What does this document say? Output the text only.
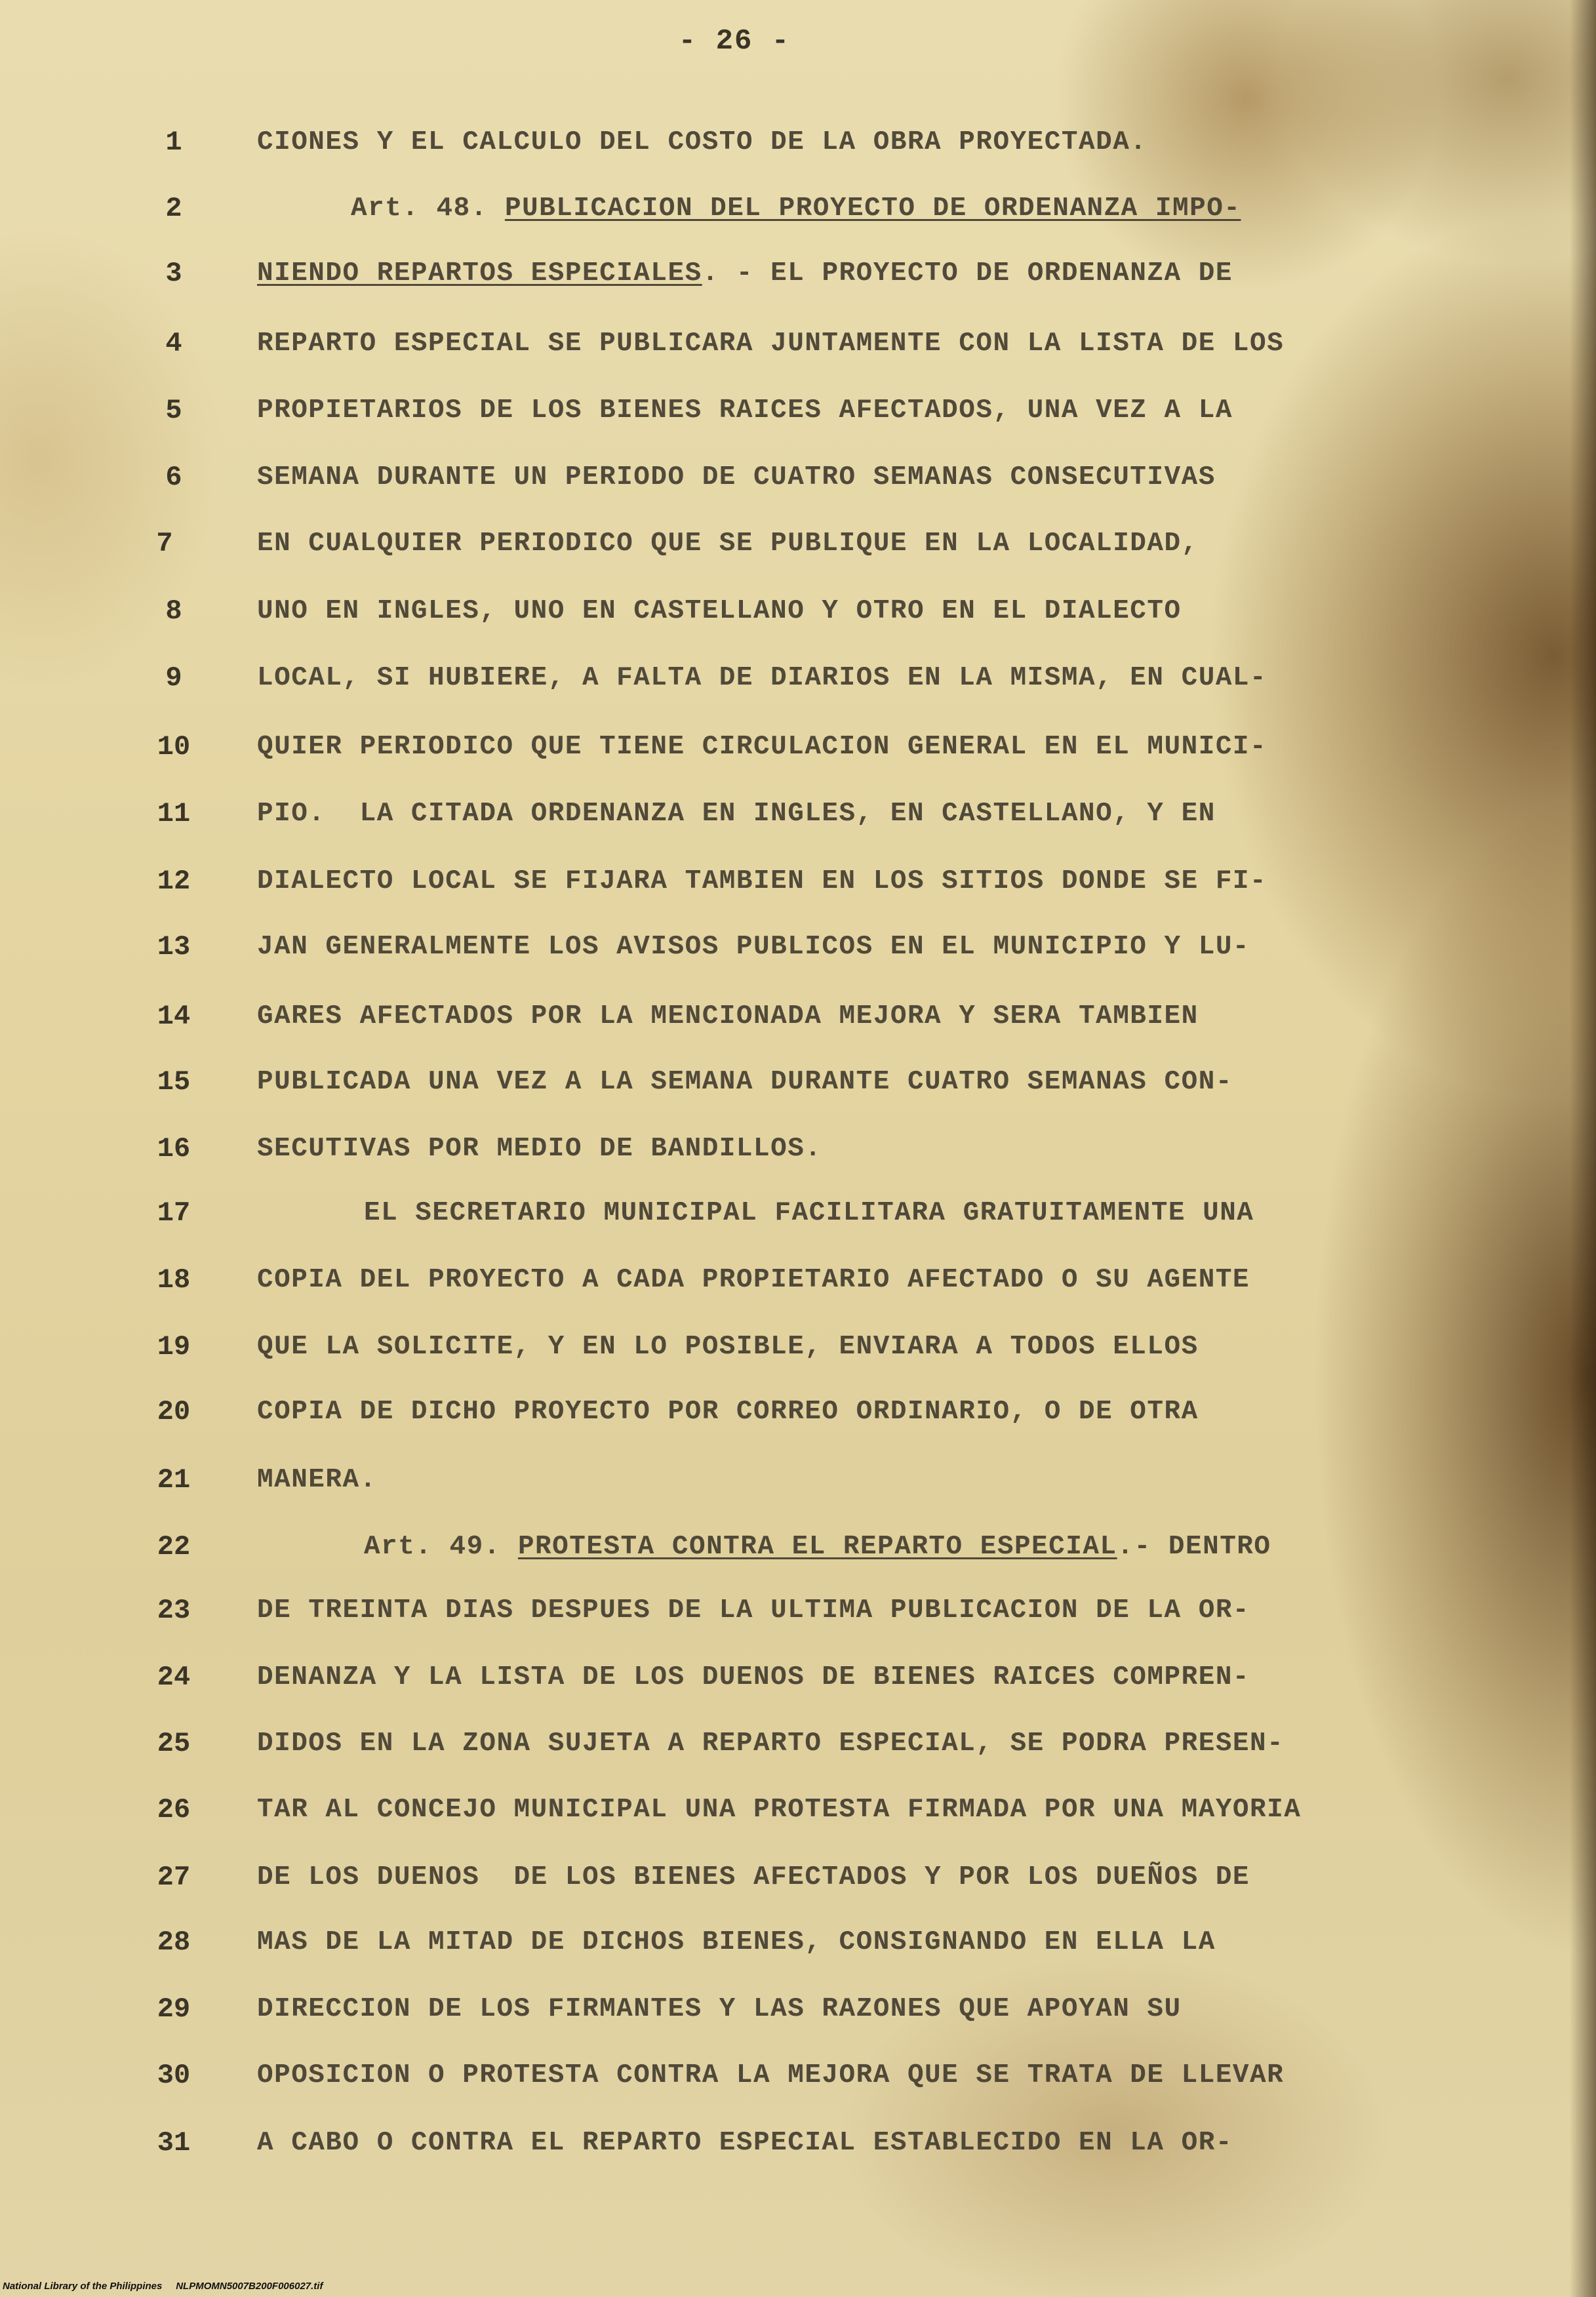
- 26 -
1	CIONES Y EL CALCULO DEL COSTO DE LA OBRA PROYECTADA.
2	Art. 48. PUBLICACION DEL PROYECTO DE ORDENANZA IMPO-
3	NIENDO REPARTOS ESPECIALES. - EL PROYECTO DE ORDENANZA DE
4	REPARTO ESPECIAL SE PUBLICARA JUNTAMENTE CON LA LISTA DE LOS
5	PROPIETARIOS DE LOS BIENES RAICES AFECTADOS, UNA VEZ A LA
6	SEMANA DURANTE UN PERIODO DE CUATRO SEMANAS CONSECUTIVAS
7	EN CUALQUIER PERIODICO QUE SE PUBLIQUE EN LA LOCALIDAD,
8	UNO EN INGLES, UNO EN CASTELLANO Y OTRO EN EL DIALECTO
9	LOCAL, SI HUBIERE, A FALTA DE DIARIOS EN LA MISMA, EN CUAL-
10	QUIER PERIODICO QUE TIENE CIRCULACION GENERAL EN EL MUNICI-
11	PIO.  LA CITADA ORDENANZA EN INGLES, EN CASTELLANO, Y EN
12	DIALECTO LOCAL SE FIJARA TAMBIEN EN LOS SITIOS DONDE SE FI-
13	JAN GENERALMENTE LOS AVISOS PUBLICOS EN EL MUNICIPIO Y LU-
14	GARES AFECTADOS POR LA MENCIONADA MEJORA Y SERA TAMBIEN
15	PUBLICADA UNA VEZ A LA SEMANA DURANTE CUATRO SEMANAS CON-
16	SECUTIVAS POR MEDIO DE BANDILLOS.
17	EL SECRETARIO MUNICIPAL FACILITARA GRATUITAMENTE UNA
18	COPIA DEL PROYECTO A CADA PROPIETARIO AFECTADO O SU AGENTE
19	QUE LA SOLICITE, Y EN LO POSIBLE, ENVIARA A TODOS ELLOS
20	COPIA DE DICHO PROYECTO POR CORREO ORDINARIO, O DE OTRA
21	MANERA.
22	Art. 49. PROTESTA CONTRA EL REPARTO ESPECIAL.- DENTRO
23	DE TREINTA DIAS DESPUES DE LA ULTIMA PUBLICACION DE LA OR-
24	DENANZA Y LA LISTA DE LOS DUENOS DE BIENES RAICES COMPREN-
25	DIDOS EN LA ZONA SUJETA A REPARTO ESPECIAL, SE PODRA PRESEN-
26	TAR AL CONCEJO MUNICIPAL UNA PROTESTA FIRMADA POR UNA MAYORIA
27	DE LOS DUENOS  DE LOS BIENES AFECTADOS Y POR LOS DUEÑOS DE
28	MAS DE LA MITAD DE DICHOS BIENES, CONSIGNANDO EN ELLA LA
29	DIRECCION DE LOS FIRMANTES Y LAS RAZONES QUE APOYAN SU
30	OPOSICION O PROTESTA CONTRA LA MEJORA QUE SE TRATA DE LLEVAR
31	A CABO O CONTRA EL REPARTO ESPECIAL ESTABLECIDO EN LA OR-
National Library of the Philippines     NLPMOMN5007B200F006027.tif
